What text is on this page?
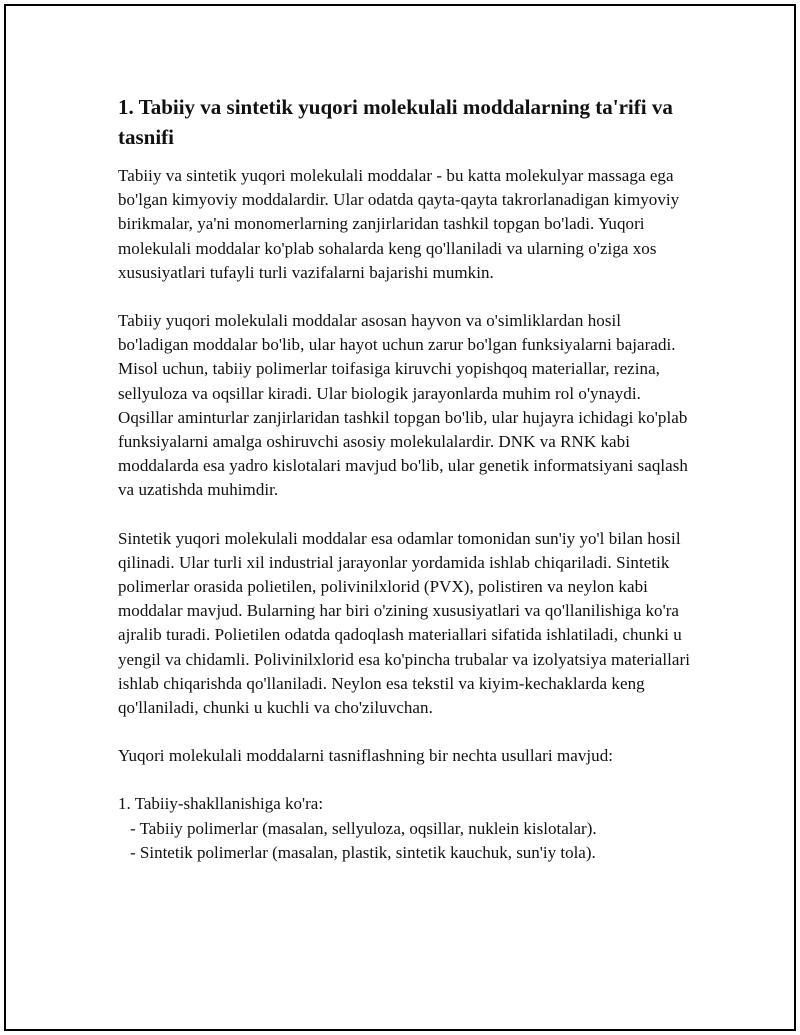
1. Tabiiy va sintetik yuqori molekulali moddalarning ta'rifi va tasnifi

Tabiiy va sintetik yuqori molekulali moddalar - bu katta molekulyar massaga ega bo'lgan kimyoviy moddalardir. Ular odatda qayta-qayta takrorlanadigan kimyoviy birikmalar, ya'ni monomerlarning zanjirlaridan tashkil topgan bo'ladi. Yuqori molekulali moddalar ko'plab sohalarda keng qo'llaniladi va ularning o'ziga xos xususiyatlari tufayli turli vazifalarni bajarishi mumkin.

Tabiiy yuqori molekulali moddalar asosan hayvon va o'simliklardan hosil bo'ladigan moddalar bo'lib, ular hayot uchun zarur bo'lgan funksiyalarni bajaradi. Misol uchun, tabiiy polimerlar toifasiga kiruvchi yopishqoq materiallar, rezina, sellyuloza va oqsillar kiradi. Ular biologik jarayonlarda muhim rol o'ynaydi. Oqsillar aminturlar zanjirlaridan tashkil topgan bo'lib, ular hujayra ichidagi ko'plab funksiyalarni amalga oshiruvchi asosiy molekulalardir. DNK va RNK kabi moddalarda esa yadro kislotalari mavjud bo'lib, ular genetik informatsiyani saqlash va uzatishda muhimdir.

Sintetik yuqori molekulali moddalar esa odamlar tomonidan sun'iy yo'l bilan hosil qilinadi. Ular turli xil industrial jarayonlar yordamida ishlab chiqariladi. Sintetik polimerlar orasida polietilen, polivinilxlorid (PVX), polistiren va neylon kabi moddalar mavjud. Bularning har biri o'zining xususiyatlari va qo'llanilishiga ko'ra ajralib turadi. Polietilen odatda qadoqlash materiallari sifatida ishlatiladi, chunki u yengil va chidamli. Polivinilxlorid esa ko'pincha trubalar va izolyatsiya materiallari ishlab chiqarishda qo'llaniladi. Neylon esa tekstil va kiyim-kechaklarda keng qo'llaniladi, chunki u kuchli va cho'ziluvchan.

Yuqori molekulali moddalarni tasniflashning bir nechta usullari mavjud:

1. Tabiiy-shakllanishiga ko'ra:

- Tabiiy polimerlar (masalan, sellyuloza, oqsillar, nuklein kislotalar).
- Sintetik polimerlar (masalan, plastik, sintetik kauchuk, sun'iy tola).
